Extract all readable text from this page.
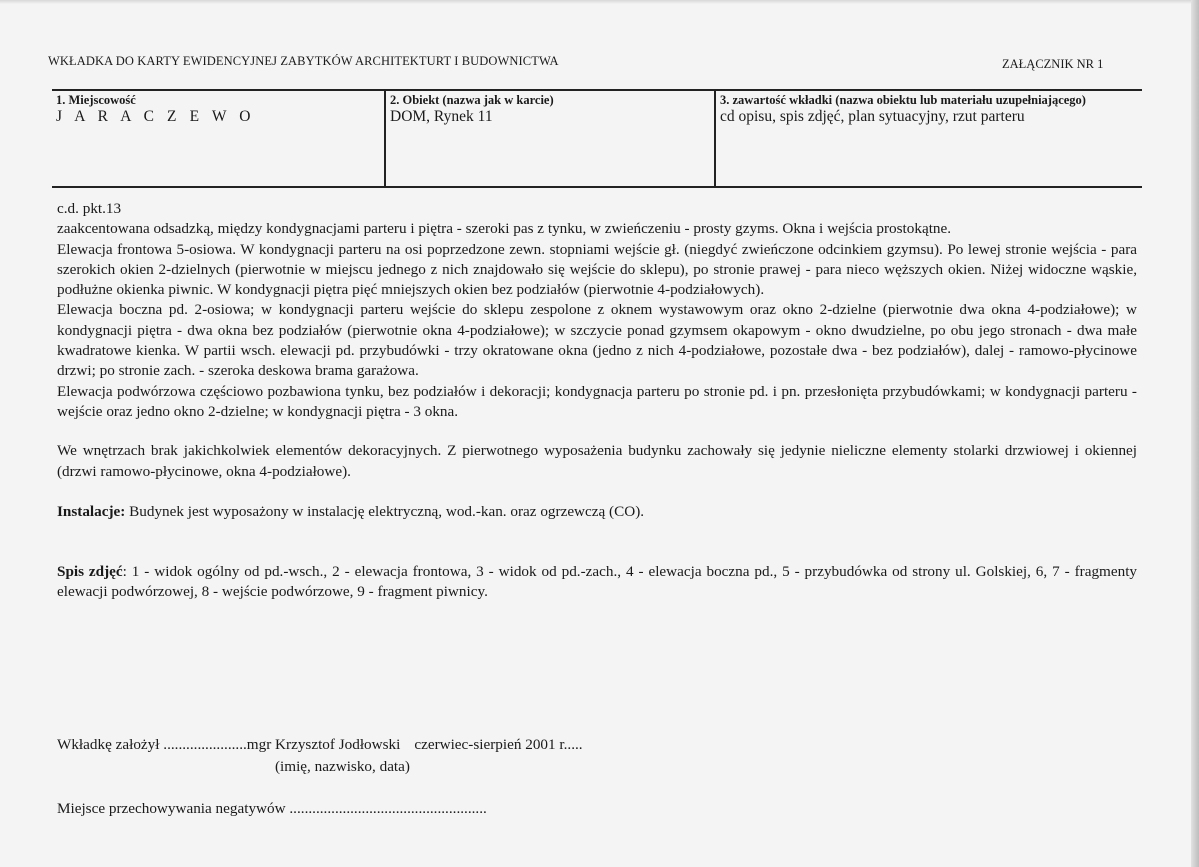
WKŁADKA DO KARTY EWIDENCYJNEJ ZABYTKÓW ARCHITEKTURT I BUDOWNICTWA	ZAŁĄCZNIK NR 1
1. Miejscowość
J A R A C Z E W O
2. Obiekt (nazwa jak w karcie)
DOM, Rynek 11
3. zawartość wkładki (nazwa obiektu lub materiału uzupełniającego)
cd opisu, spis zdjęć, plan sytuacyjny, rzut parteru

c.d. pkt.13

zaakcentowana odsadzką, między kondygnacjami parteru i piętra - szeroki pas z tynku, w zwieńczeniu - prosty gzyms. Okna i wejścia prostokątne.

Elewacja frontowa 5-osiowa. W kondygnacji parteru na osi poprzedzone zewn. stopniami wejście gł. (niegdyć zwieńczone odcinkiem gzymsu). Po lewej stronie wejścia - para szerokich okien 2-dzielnych (pierwotnie w miejscu jednego z nich znajdowało się wejście do sklepu), po stronie prawej - para nieco węższych okien. Niżej widoczne wąskie, podłużne okienka piwnic. W kondygnacji piętra pięć mniejszych okien bez podziałów (pierwotnie 4-podziałowych).

Elewacja boczna pd. 2-osiowa; w kondygnacji parteru wejście do sklepu zespolone z oknem wystawowym oraz okno 2-dzielne (pierwotnie dwa okna 4-podziałowe); w kondygnacji piętra - dwa okna bez podziałów (pierwotnie okna 4-podziałowe); w szczycie ponad gzymsem okapowym - okno dwudzielne, po obu jego stronach - dwa małe kwadratowe kienka. W partii wsch. elewacji pd. przybudówki - trzy okratowane okna (jedno z nich 4-podziałowe, pozostałe dwa - bez podziałów), dalej - ramowo-płycinowe drzwi; po stronie zach. - szeroka deskowa brama garażowa.

Elewacja podwórzowa częściowo pozbawiona tynku, bez podziałów i dekoracji; kondygnacja parteru po stronie pd. i pn. przesłonięta przybudówkami; w kondygnacji parteru - wejście oraz jedno okno 2-dzielne; w kondygnacji piętra - 3 okna.

We wnętrzach brak jakichkolwiek elementów dekoracyjnych. Z pierwotnego wyposażenia budynku zachowały się jedynie nieliczne elementy stolarki drzwiowej i okiennej (drzwi ramowo-płycinowe, okna 4-podziałowe).

Instalacje: Budynek jest wyposażony w instalację elektryczną, wod.-kan. oraz ogrzewczą (CO).

Spis zdjęć: 1 - widok ogólny od pd.-wsch., 2 - elewacja frontowa, 3 - widok od pd.-zach., 4 - elewacja boczna pd., 5 - przybudówka od strony ul. Golskiej, 6, 7 - fragmenty elewacji podwórzowej, 8 - wejście podwórzowe, 9 - fragment piwnicy.

Wkładkę założył ......................mgr Krzysztof Jodłowski czerwiec-sierpień 2001 r.....
(imię, nazwisko, data)
Miejsce przechowywania negatywów ....................................................
